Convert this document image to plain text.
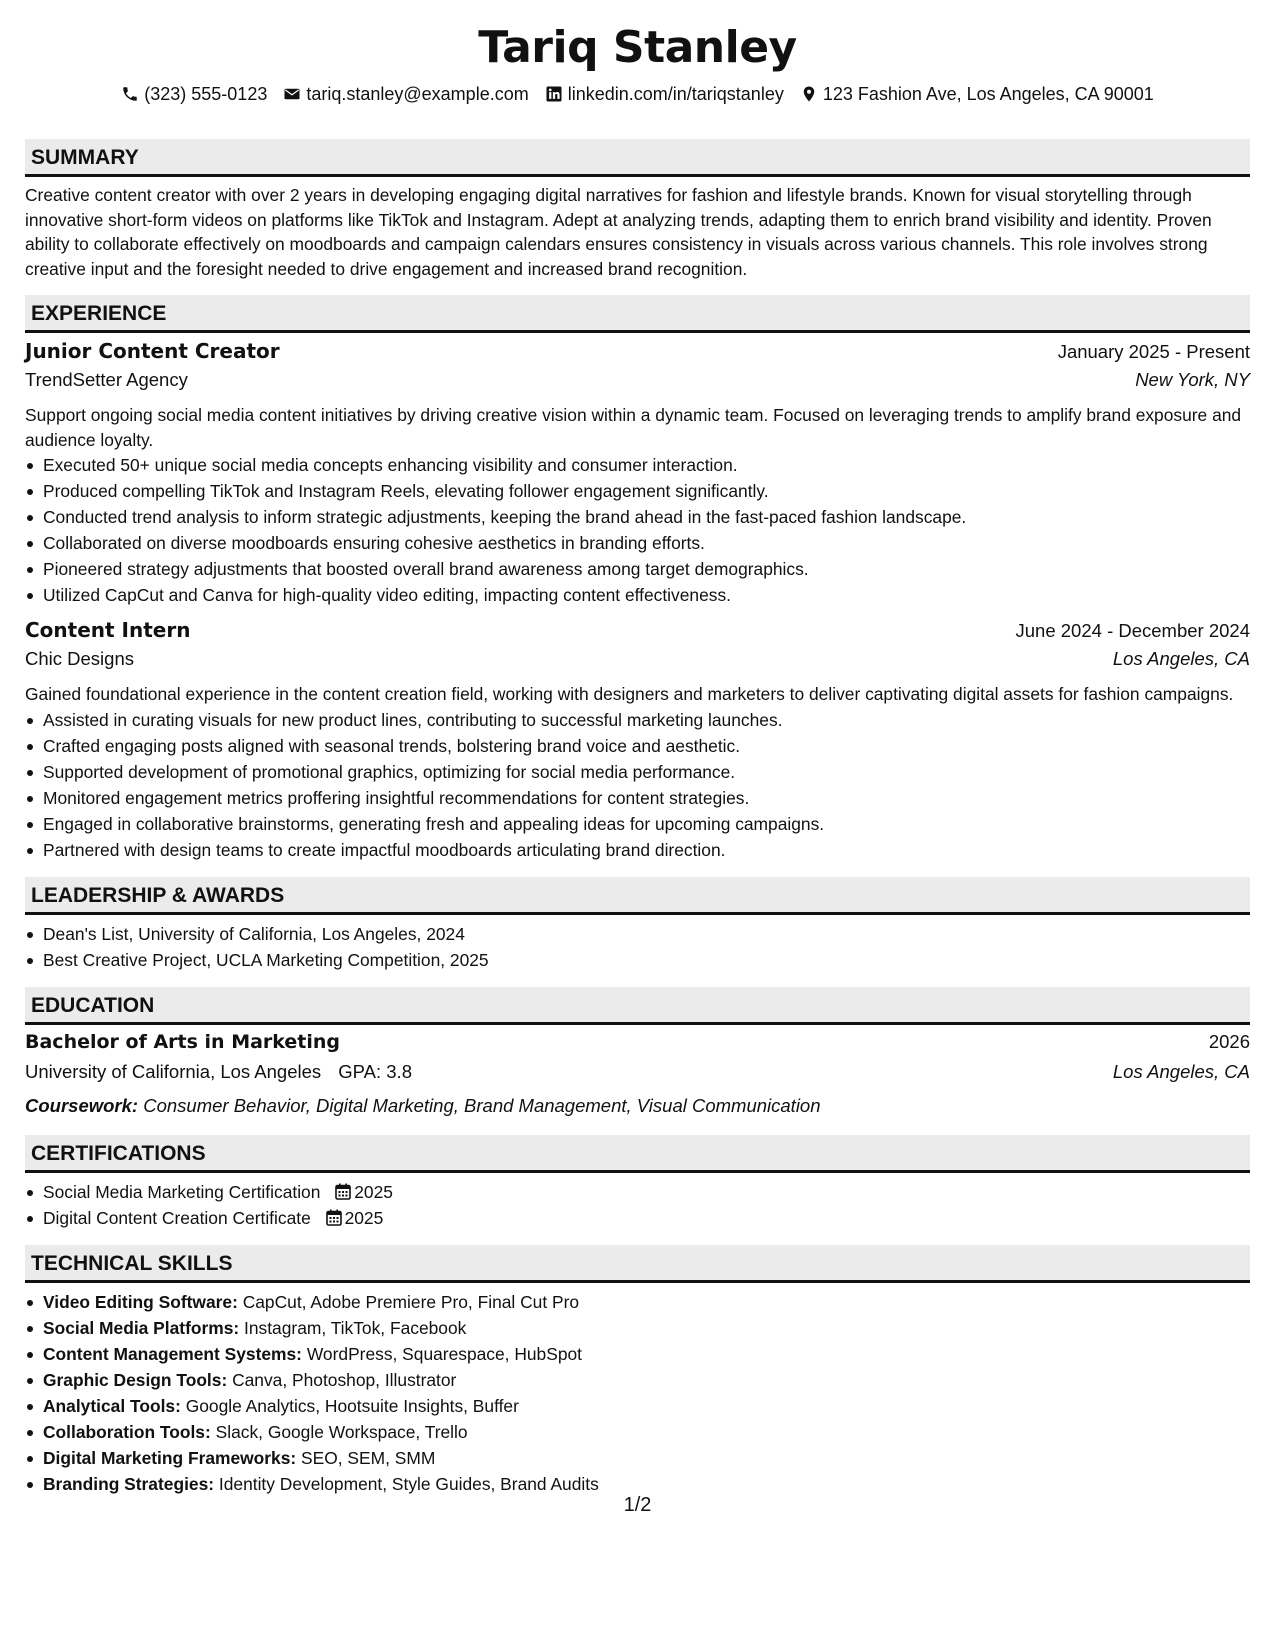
Tariq Stanley
(323) 555-0123 tariq.stanley@example.com linkedin.com/in/tariqstanley 123 Fashion Ave, Los Angeles, CA 90001
SUMMARY

Creative content creator with over 2 years in developing engaging digital narratives for fashion and lifestyle brands. Known for visual storytelling through innovative short-form videos on platforms like TikTok and Instagram. Adept at analyzing trends, adapting them to enrich brand visibility and identity. Proven ability to collaborate effectively on moodboards and campaign calendars ensures consistency in visuals across various channels. This role involves strong creative input and the foresight needed to drive engagement and increased brand recognition.

EXPERIENCE
Junior Content Creator	January 2025 - Present
TrendSetter Agency	New York, NY

Support ongoing social media content initiatives by driving creative vision within a dynamic team. Focused on leveraging trends to amplify brand exposure and audience loyalty.

Executed 50+ unique social media concepts enhancing visibility and consumer interaction.
Produced compelling TikTok and Instagram Reels, elevating follower engagement significantly.
Conducted trend analysis to inform strategic adjustments, keeping the brand ahead in the fast-paced fashion landscape.
Collaborated on diverse moodboards ensuring cohesive aesthetics in branding efforts.
Pioneered strategy adjustments that boosted overall brand awareness among target demographics.
Utilized CapCut and Canva for high-quality video editing, impacting content effectiveness.
Content Intern	June 2024 - December 2024
Chic Designs	Los Angeles, CA

Gained foundational experience in the content creation field, working with designers and marketers to deliver captivating digital assets for fashion campaigns.

Assisted in curating visuals for new product lines, contributing to successful marketing launches.
Crafted engaging posts aligned with seasonal trends, bolstering brand voice and aesthetic.
Supported development of promotional graphics, optimizing for social media performance.
Monitored engagement metrics proffering insightful recommendations for content strategies.
Engaged in collaborative brainstorms, generating fresh and appealing ideas for upcoming campaigns.
Partnered with design teams to create impactful moodboards articulating brand direction.
LEADERSHIP & AWARDS
Dean's List, University of California, Los Angeles, 2024
Best Creative Project, UCLA Marketing Competition, 2025
EDUCATION
Bachelor of Arts in Marketing	2026
University of California, Los Angeles GPA: 3.8	Los Angeles, CA
Coursework: Consumer Behavior, Digital Marketing, Brand Management, Visual Communication
CERTIFICATIONS
Social Media Marketing Certification 2025
Digital Content Creation Certificate 2025
TECHNICAL SKILLS
Video Editing Software: CapCut, Adobe Premiere Pro, Final Cut Pro
Social Media Platforms: Instagram, TikTok, Facebook
Content Management Systems: WordPress, Squarespace, HubSpot
Graphic Design Tools: Canva, Photoshop, Illustrator
Analytical Tools: Google Analytics, Hootsuite Insights, Buffer
Collaboration Tools: Slack, Google Workspace, Trello
Digital Marketing Frameworks: SEO, SEM, SMM
Branding Strategies: Identity Development, Style Guides, Brand Audits
1/2
